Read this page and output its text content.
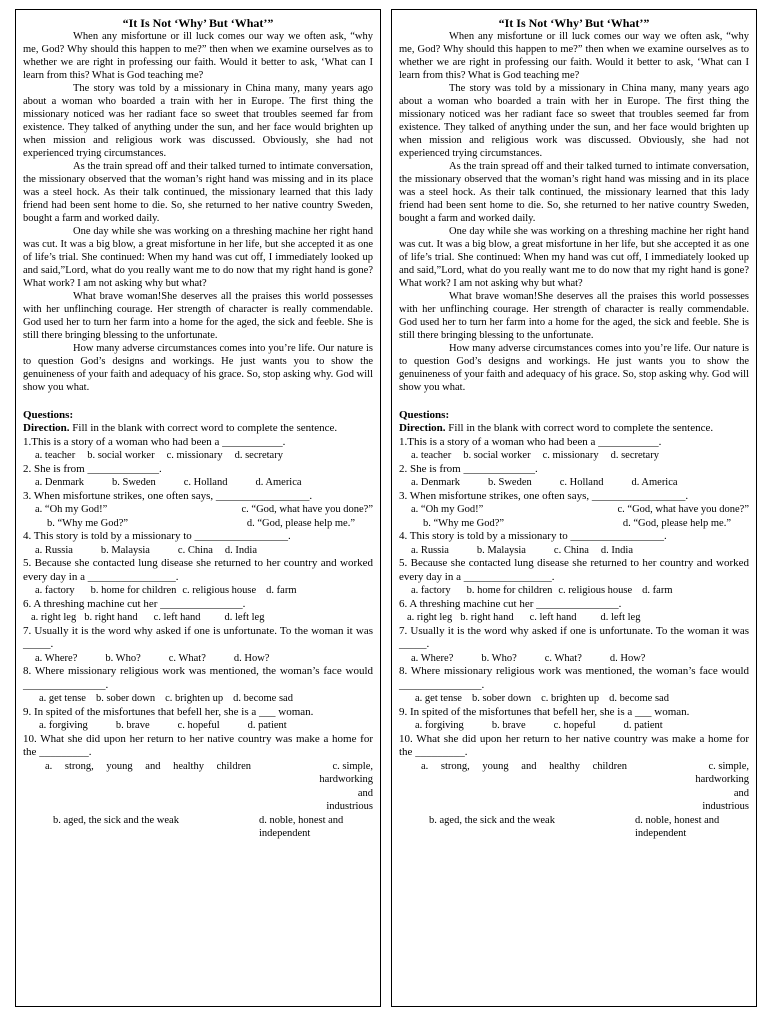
“It Is Not ‘Why’ But ‘What’”

When any misfortune or ill luck comes our way we often ask, “why me, God? Why should this happen to me?” then when we examine ourselves as to whether we are right in professing our faith. Would it better to ask, ‘What can I learn from this? What is God teaching me?

The story was told by a missionary in China many, many years ago about a woman who boarded a train with her in Europe. The first thing the missionary noticed was her radiant face so sweet that troubles seemed far from existence. They talked of anything under the sun, and her face would brighten up when mission and religious work was discussed. Obviously, she had not experienced trying circumstances.

As the train spread off and their talked turned to intimate conversation, the missionary observed that the woman’s right hand was missing and in its place was a steel hock. As their talk continued, the missionary learned that this lady friend had been sent home to die. So, she returned to her native country Sweden, bought a farm and worked daily.

One day while she was working on a threshing machine her right hand was cut. It was a big blow, a great misfortune in her life, but she accepted it as one of life’s trial. She continued: When my hand was cut off, I immediately looked up and said,”Lord, what do you really want me to do now that my right hand is gone?What work? I am not asking why but what?

What brave woman!She deserves all the praises this world possesses with her unflinching courage. Her strength of character is really commendable. God used her to turn her farm into a home for the aged, the sick and feeble. She is still there bringing blessing to the unfortunate.

How many adverse circumstances comes into you’re life. Our nature is to question God’s designs and workings. He just wants you to show the genuineness of your faith and adequacy of his grace. So, stop asking why. God will show you what.

Questions:

Direction. Fill in the blank with correct word to complete the sentence.

1.This is a story of a woman who had been a ___________.

a. teacher b. social worker c. missionary d. secretary

2. She is from _____________.

a. Denmark	b. Sweden	c. Holland	d. America

3. When misfortune strikes, one often says, _________________.

a. “Oh my God!”	c. “God, what have you done?”

b. “Why me God?”	d. “God, please help me.”

4. This story is told by a missionary to _________________.

a. Russia	b. Malaysia	c. China d. India

5. Because she contacted lung disease she returned to her country and worked every day in a ________________.

a. factory b. home for children c. religious house d. farm

6. A threshing machine cut her _______________.

a. right leg b. right hand c. left hand d. left leg

7. Usually it is the word why asked if one is unfortunate. To the woman it was _____.

a. Where?	b. Who?	c. What?	d. How?

8. Where missionary religious work was mentioned, the woman’s face would _______________.

a. get tense b. sober down c. brighten up d. become sad

9. In spited of the misfortunes that befell her, she is a ___ woman.

a. forgiving	b. brave	c. hopeful	d. patient

10. What she did upon her return to her native country was make a home for the _________.

a. strong, young and healthy children	c. simple, hardworking and industrious

b. aged, the sick and the weak	d. noble, honest and independent

“It Is Not ‘Why’ But ‘What’”

When any misfortune or ill luck comes our way we often ask, “why me, God? Why should this happen to me?” then when we examine ourselves as to whether we are right in professing our faith. Would it better to ask, ‘What can I learn from this? What is God teaching me?

The story was told by a missionary in China many, many years ago about a woman who boarded a train with her in Europe. The first thing the missionary noticed was her radiant face so sweet that troubles seemed far from existence. They talked of anything under the sun, and her face would brighten up when mission and religious work was discussed. Obviously, she had not experienced trying circumstances.

As the train spread off and their talked turned to intimate conversation, the missionary observed that the woman’s right hand was missing and in its place was a steel hock. As their talk continued, the missionary learned that this lady friend had been sent home to die. So, she returned to her native country Sweden, bought a farm and worked daily.

One day while she was working on a threshing machine her right hand was cut. It was a big blow, a great misfortune in her life, but she accepted it as one of life’s trial. She continued: When my hand was cut off, I immediately looked up and said,”Lord, what do you really want me to do now that my right hand is gone?What work? I am not asking why but what?

What brave woman!She deserves all the praises this world possesses with her unflinching courage. Her strength of character is really commendable. God used her to turn her farm into a home for the aged, the sick and feeble. She is still there bringing blessing to the unfortunate.

How many adverse circumstances comes into you’re life. Our nature is to question God’s designs and workings. He just wants you to show the genuineness of your faith and adequacy of his grace. So, stop asking why. God will show you what.

Questions:

Direction. Fill in the blank with correct word to complete the sentence.

1.This is a story of a woman who had been a ___________.

a. teacher b. social worker c. missionary d. secretary

2. She is from _____________.

a. Denmark	b. Sweden	c. Holland	d. America

3. When misfortune strikes, one often says, _________________.

a. “Oh my God!”	c. “God, what have you done?”

b. “Why me God?”	d. “God, please help me.”

4. This story is told by a missionary to _________________.

a. Russia	b. Malaysia	c. China d. India

5. Because she contacted lung disease she returned to her country and worked every day in a ________________.

a. factory b. home for children c. religious house d. farm

6. A threshing machine cut her _______________.

a. right leg b. right hand c. left hand d. left leg

7. Usually it is the word why asked if one is unfortunate. To the woman it was _____.

a. Where?	b. Who?	c. What?	d. How?

8. Where missionary religious work was mentioned, the woman’s face would _______________.

a. get tense b. sober down c. brighten up d. become sad

9. In spited of the misfortunes that befell her, she is a ___ woman.

a. forgiving	b. brave	c. hopeful	d. patient

10. What she did upon her return to her native country was make a home for the _________.

a. strong, young and healthy children	c. simple, hardworking and industrious

b. aged, the sick and the weak	d. noble, honest and independent
